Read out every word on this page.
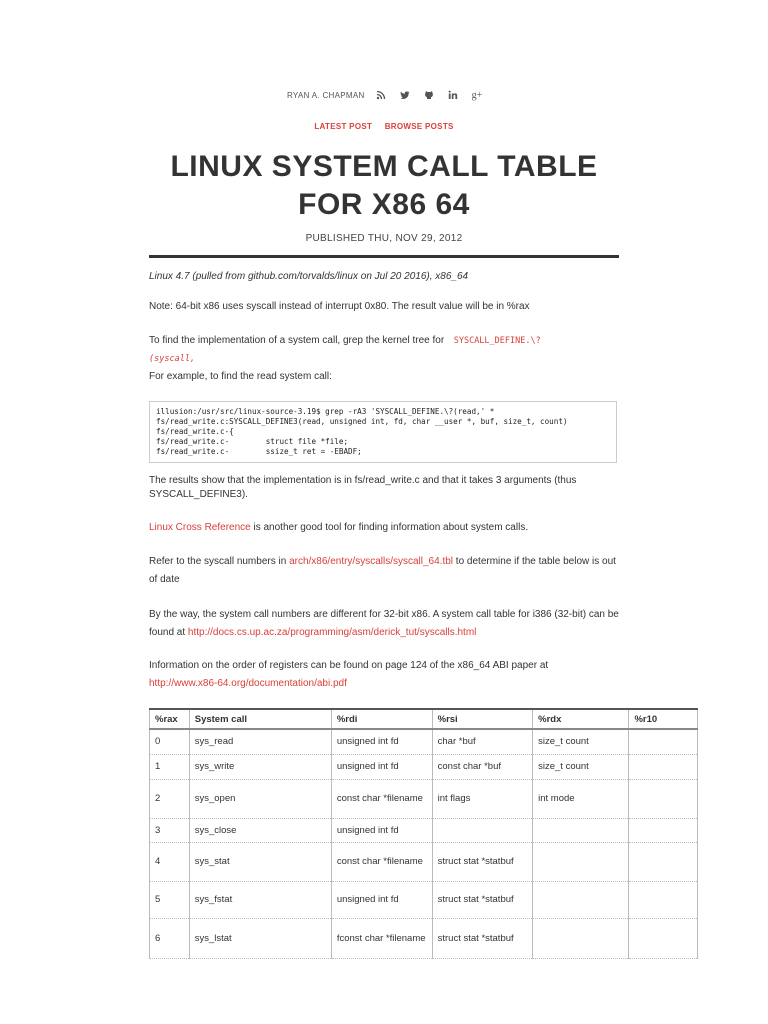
RYAN A. CHAPMAN	g+
LATEST POST BROWSE POSTS
LINUX SYSTEM CALL TABLE FOR X86 64
PUBLISHED THU, NOV 29, 2012
Linux 4.7 (pulled from github.com/torvalds/linux on Jul 20 2016), x86_64
Note: 64-bit x86 uses syscall instead of interrupt 0x80. The result value will be in %rax
To find the implementation of a system call, grep the kernel tree for SYSCALL_DEFINE.\?
(syscall,
For example, to find the read system call:
illusion:/usr/src/linux-source-3.19$ grep -rA3 'SYSCALL_DEFINE.\?(read,' *
fs/read_write.c:SYSCALL_DEFINE3(read, unsigned int, fd, char __user *, buf, size_t, count)
fs/read_write.c-{
fs/read_write.c-        struct file *file;
fs/read_write.c-        ssize_t ret = -EBADF;
The results show that the implementation is in fs/read_write.c and that it takes 3 arguments (thus SYSCALL_DEFINE3).
Linux Cross Reference is another good tool for finding information about system calls.
Refer to the syscall numbers in arch/x86/entry/syscalls/syscall_64.tbl to determine if the table below is out of date
By the way, the system call numbers are different for 32-bit x86. A system call table for i386 (32-bit) can be found at http://docs.cs.up.ac.za/programming/asm/derick_tut/syscalls.html
Information on the order of registers can be found on page 124 of the x86_64 ABI paper at
http://www.x86-64.org/documentation/abi.pdf
%rax	System call	%rdi	%rsi	%rdx	%r10
0	sys_read	unsigned int fd	char *buf	size_t count	
1	sys_write	unsigned int fd	const char *buf	size_t count	
2	sys_open	const char *filename	int flags	int mode	
3	sys_close	unsigned int fd			
4	sys_stat	const char *filename	struct stat *statbuf		
5	sys_fstat	unsigned int fd	struct stat *statbuf		
6	sys_lstat	fconst char *filename	struct stat *statbuf		
